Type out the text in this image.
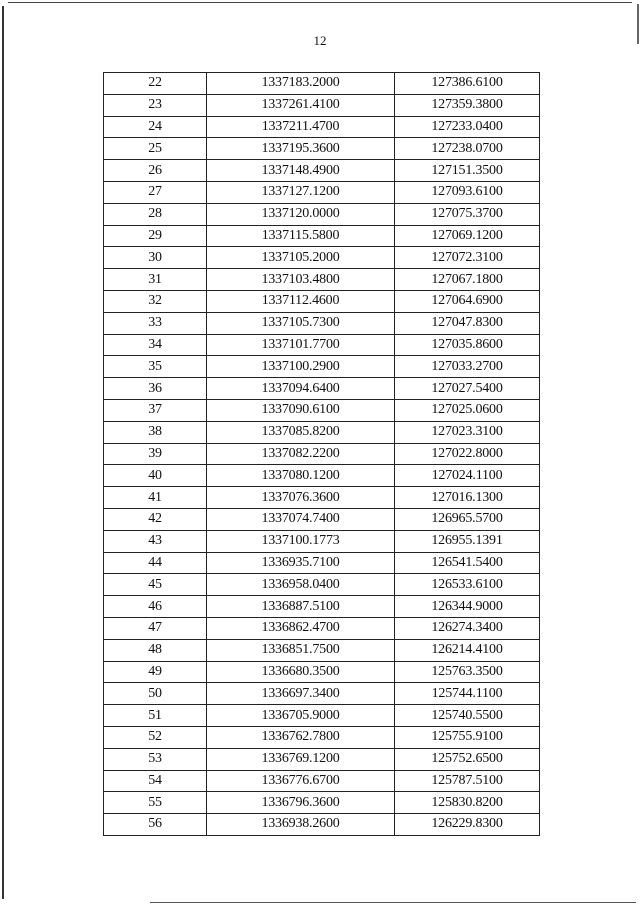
12
22	1337183.2000	127386.6100
23	1337261.4100	127359.3800
24	1337211.4700	127233.0400
25	1337195.3600	127238.0700
26	1337148.4900	127151.3500
27	1337127.1200	127093.6100
28	1337120.0000	127075.3700
29	1337115.5800	127069.1200
30	1337105.2000	127072.3100
31	1337103.4800	127067.1800
32	1337112.4600	127064.6900
33	1337105.7300	127047.8300
34	1337101.7700	127035.8600
35	1337100.2900	127033.2700
36	1337094.6400	127027.5400
37	1337090.6100	127025.0600
38	1337085.8200	127023.3100
39	1337082.2200	127022.8000
40	1337080.1200	127024.1100
41	1337076.3600	127016.1300
42	1337074.7400	126965.5700
43	1337100.1773	126955.1391
44	1336935.7100	126541.5400
45	1336958.0400	126533.6100
46	1336887.5100	126344.9000
47	1336862.4700	126274.3400
48	1336851.7500	126214.4100
49	1336680.3500	125763.3500
50	1336697.3400	125744.1100
51	1336705.9000	125740.5500
52	1336762.7800	125755.9100
53	1336769.1200	125752.6500
54	1336776.6700	125787.5100
55	1336796.3600	125830.8200
56	1336938.2600	126229.8300
